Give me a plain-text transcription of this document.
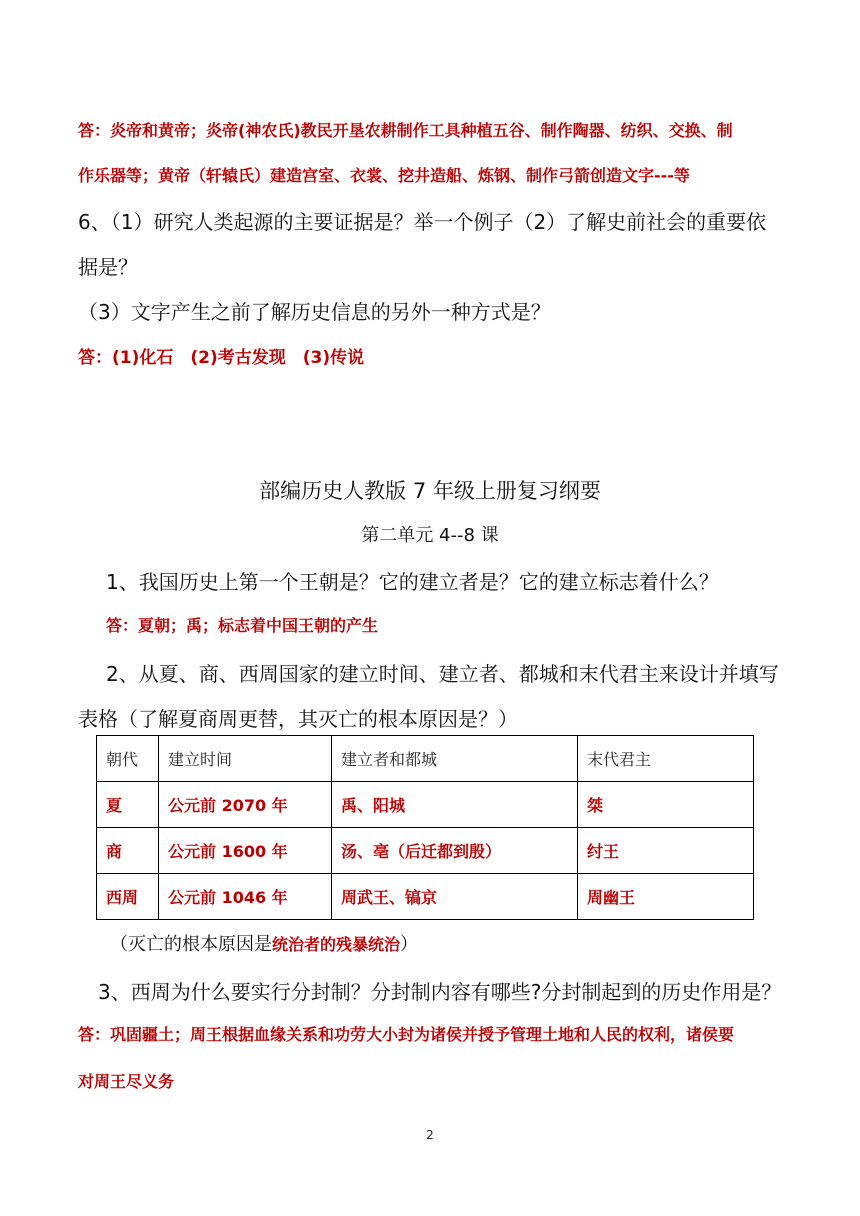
答：炎帝和黄帝；炎帝(神农氏)教民开垦农耕制作工具种植五谷、制作陶器、纺织、交换、制
作乐器等；黄帝（轩辕氏）建造宫室、衣裳、挖井造船、炼钢、制作弓箭创造文字---等
6、（1）研究人类起源的主要证据是？举一个例子（2）了解史前社会的重要依
据是？
（3）文字产生之前了解历史信息的另外一种方式是？
答：(1)化石　(2)考古发现　(3)传说
部编历史人教版 7 年级上册复习纲要
第二单元 4--8 课
1、我国历史上第一个王朝是？它的建立者是？它的建立标志着什么？
答：夏朝；禹；标志着中国王朝的产生
2、从夏、商、西周国家的建立时间、建立者、都城和末代君主来设计并填写
表格（了解夏商周更替，其灭亡的根本原因是？）
朝代	建立时间	建立者和都城	末代君主
夏	公元前 2070 年	禹、阳城	桀
商	公元前 1600 年	汤、亳（后迁都到殷）	纣王
西周	公元前 1046 年	周武王、镐京	周幽王
（灭亡的根本原因是统治者的残暴统治）
3、西周为什么要实行分封制？分封制内容有哪些?分封制起到的历史作用是？
答：巩固疆土；周王根据血缘关系和功劳大小封为诸侯并授予管理土地和人民的权利，诸侯要
对周王尽义务
2
